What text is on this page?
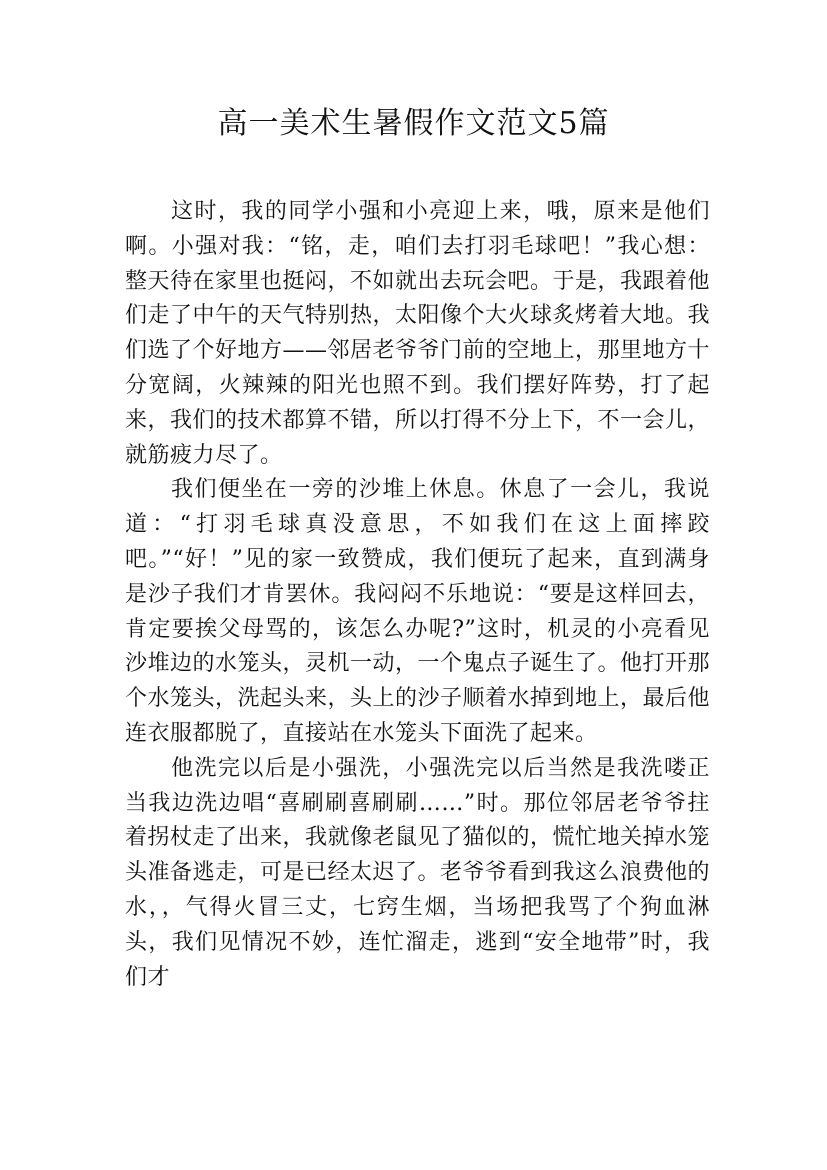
高一美术生暑假作文范文5篇

这时，我的同学小强和小亮迎上来，哦，原来是他们啊。小强对我：“铭，走，咱们去打羽毛球吧！”我心想：整天待在家里也挺闷，不如就出去玩会吧。于是，我跟着他们走了中午的天气特别热，太阳像个大火球炙烤着大地。我们选了个好地方——邻居老爷爷门前的空地上，那里地方十分宽阔，火辣辣的阳光也照不到。我们摆好阵势，打了起来，我们的技术都算不错，所以打得不分上下，不一会儿，就筋疲力尽了。

我们便坐在一旁的沙堆上休息。休息了一会儿，我说道：“打羽毛球真没意思，不如我们在这上面摔跤吧。”“好！”见的家一致赞成，我们便玩了起来，直到满身是沙子我们才肯罢休。我闷闷不乐地说：“要是这样回去，肯定要挨父母骂的，该怎么办呢?”这时，机灵的小亮看见沙堆边的水笼头，灵机一动，一个鬼点子诞生了。他打开那个水笼头，洗起头来，头上的沙子顺着水掉到地上，最后他连衣服都脱了，直接站在水笼头下面洗了起来。

他洗完以后是小强洗，小强洗完以后当然是我洗喽正当我边洗边唱“喜刷刷喜刷刷……”时。那位邻居老爷爷拄着拐杖走了出来，我就像老鼠见了猫似的，慌忙地关掉水笼头准备逃走，可是已经太迟了。老爷爷看到我这么浪费他的水，，气得火冒三丈，七窍生烟，当场把我骂了个狗血淋头，我们见情况不妙，连忙溜走，逃到“安全地带”时，我们才
